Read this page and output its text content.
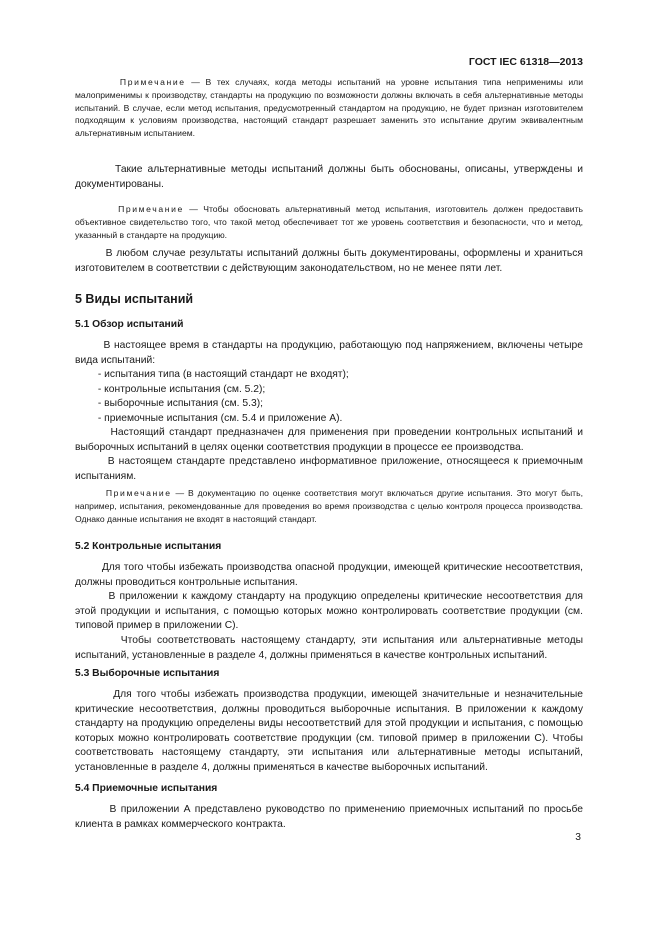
ГОСТ IEC 61318—2013

Примечание — В тех случаях, когда методы испытаний на уровне испытания типа неприменимы или малоприменимы к производству, стандарты на продукцию по возможности должны включать в себя альтернативные методы испытаний. В случае, если метод испытания, предусмотренный стандартом на продукцию, не будет признан изготовителем подходящим к условиям производства, настоящий стандарт разрешает заменить это испытание другим эквивалентным альтернативным испытанием.

Такие альтернативные методы испытаний должны быть обоснованы, описаны, утверждены и документированы.

Примечание — Чтобы обосновать альтернативный метод испытания, изготовитель должен предоставить объективное свидетельство того, что такой метод обеспечивает тот же уровень соответствия и безопасности, что и метод, указанный в стандарте на продукцию.

В любом случае результаты испытаний должны быть документированы, оформлены и храниться изготовителем в соответствии с действующим законодательством, но не менее пяти лет.

5 Виды испытаний

5.1 Обзор испытаний

В настоящее время в стандарты на продукцию, работающую под напряжением, включены четыре вида испытаний:

- испытания типа (в настоящий стандарт не входят);
- контрольные испытания (см. 5.2);
- выборочные испытания (см. 5.3);
- приемочные испытания (см. 5.4 и приложение А).

Настоящий стандарт предназначен для применения при проведении контрольных испытаний и выборочных испытаний в целях оценки соответствия продукции в процессе ее производства.

В настоящем стандарте представлено информативное приложение, относящееся к приемочным испытаниям.

Примечание — В документацию по оценке соответствия могут включаться другие испытания. Это могут быть, например, испытания, рекомендованные для проведения во время производства с целью контроля процесса производства. Однако данные испытания не входят в настоящий стандарт.

5.2 Контрольные испытания

Для того чтобы избежать производства опасной продукции, имеющей критические несоответствия, должны проводиться контрольные испытания.

В приложении к каждому стандарту на продукцию определены критические несоответствия для этой продукции и испытания, с помощью которых можно контролировать соответствие продукции (см. типовой пример в приложении С).

Чтобы соответствовать настоящему стандарту, эти испытания или альтернативные методы испытаний, установленные в разделе 4, должны применяться в качестве контрольных испытаний.

5.3 Выборочные испытания

Для того чтобы избежать производства продукции, имеющей значительные и незначительные критические несоответствия, должны проводиться выборочные испытания. В приложении к каждому стандарту на продукцию определены виды несоответствий для этой продукции и испытания, с помощью которых можно контролировать соответствие продукции (см. типовой пример в приложении С). Чтобы соответствовать настоящему стандарту, эти испытания или альтернативные методы испытаний, установленные в разделе 4, должны применяться в качестве выборочных испытаний.

5.4 Приемочные испытания

В приложении А представлено руководство по применению приемочных испытаний по просьбе клиента в рамках коммерческого контракта.

3
